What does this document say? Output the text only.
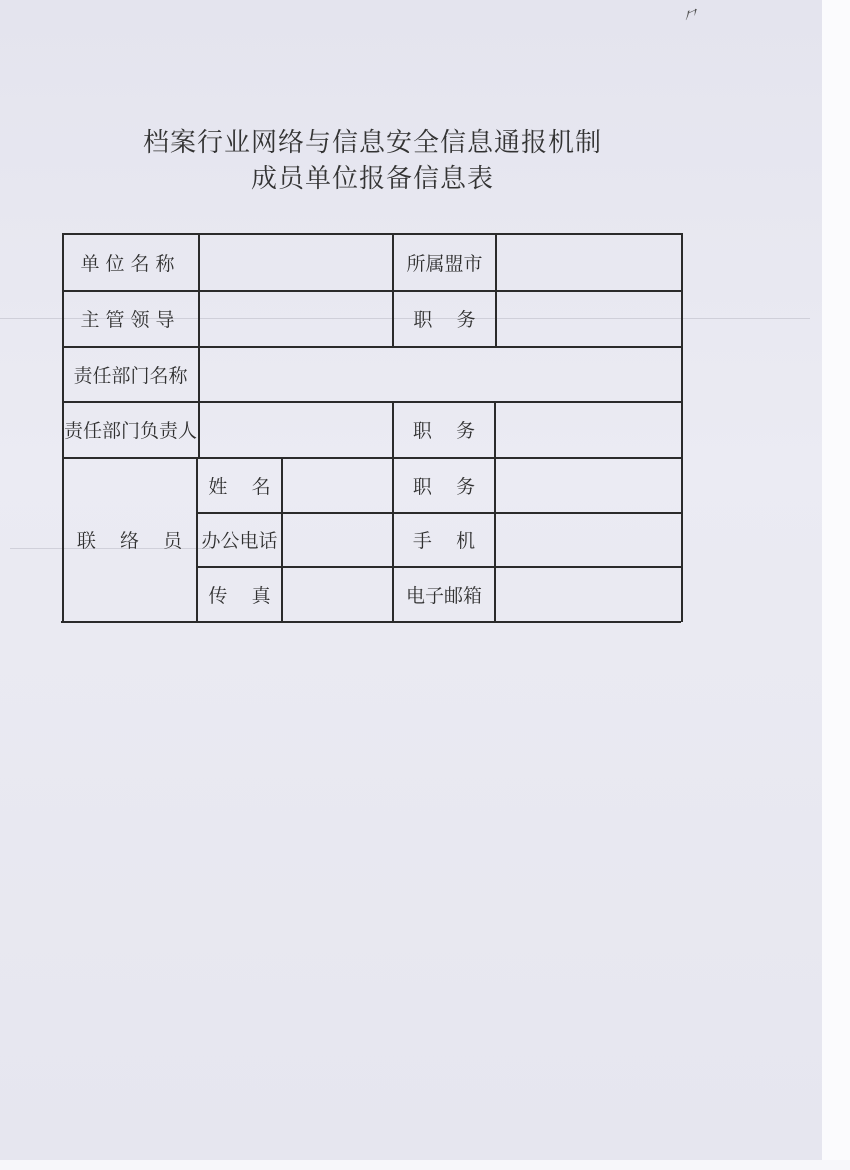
⺈
档案行业网络与信息安全信息通报机制
成员单位报备信息表
单位名称	所属盟市
主管领导	职    务
责任部门名称
责任部门负责人	职    务
联    络    员
姓    名	职    务
办公电话	手    机
传    真	电子邮箱
